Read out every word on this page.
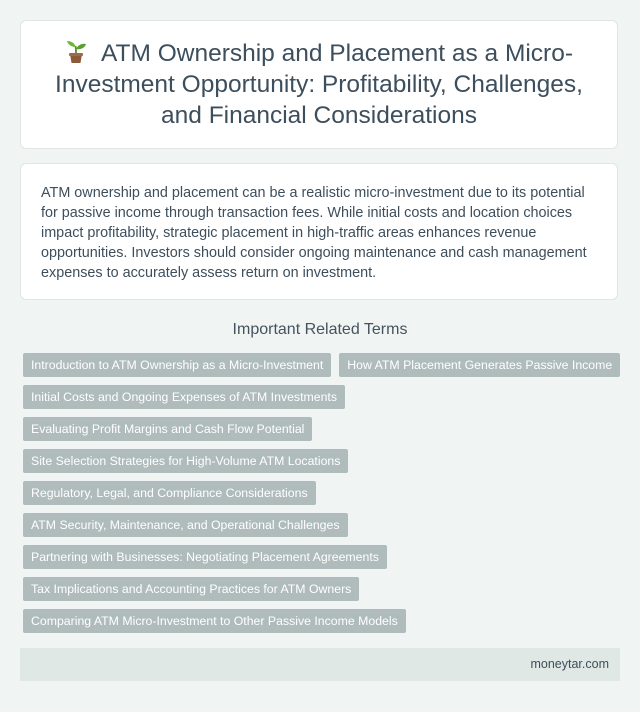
ATM Ownership and Placement as a Micro-Investment Opportunity: Profitability, Challenges, and Financial Considerations

ATM ownership and placement can be a realistic micro-investment due to its potential for passive income through transaction fees. While initial costs and location choices impact profitability, strategic placement in high-traffic areas enhances revenue opportunities. Investors should consider ongoing maintenance and cash management expenses to accurately assess return on investment.

Important Related Terms
Introduction to ATM Ownership as a Micro-Investment	How ATM Placement Generates Passive Income
Initial Costs and Ongoing Expenses of ATM Investments
Evaluating Profit Margins and Cash Flow Potential
Site Selection Strategies for High-Volume ATM Locations
Regulatory, Legal, and Compliance Considerations
ATM Security, Maintenance, and Operational Challenges
Partnering with Businesses: Negotiating Placement Agreements
Tax Implications and Accounting Practices for ATM Owners
Comparing ATM Micro-Investment to Other Passive Income Models
moneytar.com
